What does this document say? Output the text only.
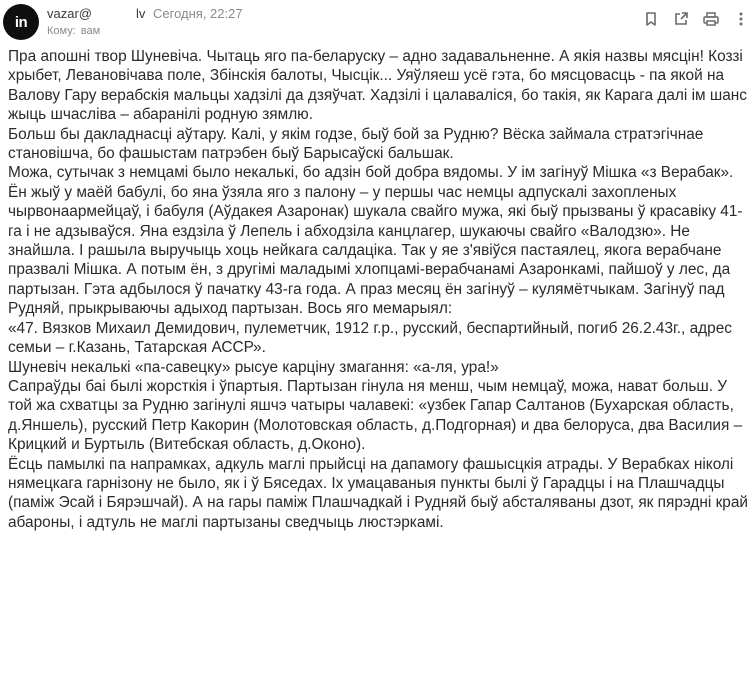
in vazar@	lv Сегодня, 22:27
Кому: вам

Пра апошні твор Шуневіча. Чытаць яго па-беларуску – адно задавальненне. А якія назвы мясцін! Коззі хрыбет, Левановічава поле, Збінскія балоты, Чысцік... Уяўляеш усё гэта, бо мясцовасць - па якой на Валову Гару верабскія мальцы хадзілі да дзяўчат. Хадзілі і цалаваліся, бо такія, як Карага далі ім шанс жыць шчасліва – абаранілі родную зямлю.

Больш бы дакладнасці аўтару. Калі, у якім годзе, быў бой за Рудню? Вёска займала стратэгічнае становішча, бо фашыстам патрэбен быў Барысаўскі бальшак.

Можа, сутычак з немцамі было некалькі, бо адзін бой добра вядомы. У ім загінуў Мішка «з Верабак». Ён жыў у маёй бабулі, бо яна ўзяла яго з палону – у першы час немцы адпускалі захопленых чырвонаармейцаў, і бабуля (Аўдакея Азаронак) шукала свайго мужа, які быў прызваны ў красавіку 41-га і не адзываўся. Яна ездзіла ў Лепель і абходзіла канцлагер, шукаючы свайго «Валодзю». Не знайшла. І рашыла выручыць хоць нейкага салдаціка. Так у яе з'явіўся пастаялец, якога верабчане празвалі Мішка. А потым ён, з другімі маладымі хлопцамі-верабчанамі Азаронкамі, пайшоў у лес, да партызан. Гэта адбылося ў пачатку 43-га года. А праз месяц ён загінуў – кулямётчыкам. Загінуў пад Рудняй, прыкрываючы адыход партызан. Вось яго мемарыял:

«47. Вязков Михаил Демидович, пулеметчик, 1912 г.р., русский, беспартийный, погиб 26.2.43г., адрес семьи – г.Казань, Татарская АССР».

Шуневіч некалькі «па-савецку» рысуе карціну змагання: «а-ля, ура!»

Сапраўды баі былі жорсткія і ўпартыя. Партызан гінула ня менш, чым немцаў, можа, нават больш. У той жа схватцы за Рудню загінулі яшчэ чатыры чалавекі: «узбек Гапар Салтанов (Бухарская область, д.Яншель), русский Петр Какорин (Молотовская область, д.Подгорная) и два белоруса, два Василия – Крицкий и Буртыль (Витебская область, д.Оконо).

Ёсць памылкі па напрамках, адкуль маглі прыйсці на дапамогу фашысцкія атрады. У Верабках ніколі нямецкага гарнізону не было, як і ў Бяседах. Іх умацаваныя пункты былі ў Гарадцы і на Плашчадцы (паміж Эсай і Бярэшчай). А на гары паміж Плашчадкай і Рудняй быў абсталяваны дзот, як пярэдні край абароны, і адтуль не маглі партызаны сведчыць люстэркамі.
